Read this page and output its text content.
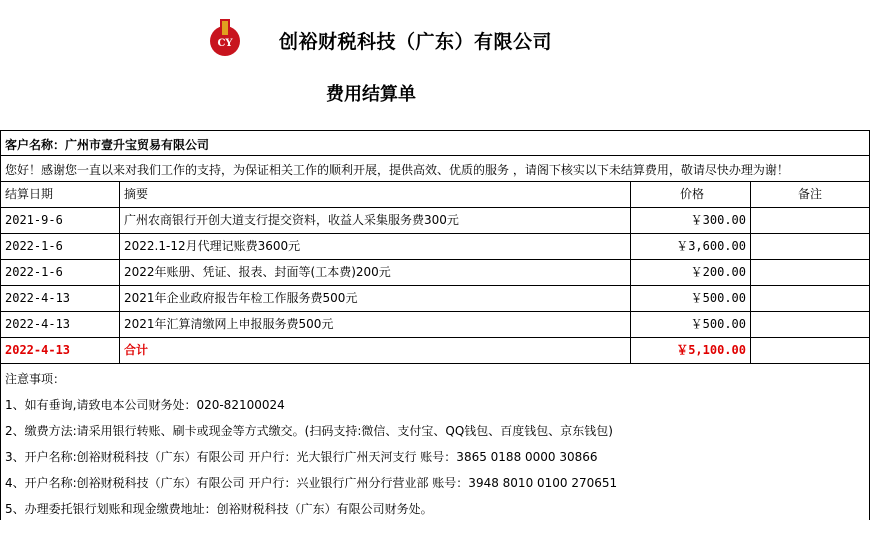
CY 创裕财税科技（广东）有限公司
费用结算单
客户名称：广州市壹升宝贸易有限公司
您好！感谢您一直以来对我们工作的支持，为保证相关工作的顺利开展，提供高效、优质的服务 ，请阁下核实以下未结算费用，敬请尽快办理为谢！
结算日期	摘要	价格	备注
2021-9-6	广州农商银行开创大道支行提交资料，收益人采集服务费300元	￥300.00
2022-1-6	2022.1-12月代理记账费3600元	￥3,600.00
2022-1-6	2022年账册、凭证、报表、封面等(工本费)200元	￥200.00
2022-4-13	2021年企业政府报告年检工作服务费500元	￥500.00
2022-4-13	2021年汇算清缴网上申报服务费500元	￥500.00
2022-4-13	合计	￥5,100.00
注意事项：
1、如有垂询,请致电本公司财务处：020-82100024
2、缴费方法:请采用银行转账、刷卡或现金等方式缴交。(扫码支持:微信、支付宝、QQ钱包、百度钱包、京东钱包)
3、开户名称:创裕财税科技（广东）有限公司 开户行：光大银行广州天河支行 账号：3865 0188 0000 30866
4、开户名称:创裕财税科技（广东）有限公司 开户行：兴业银行广州分行营业部 账号：3948 8010 0100 270651
5、办理委托银行划账和现金缴费地址：创裕财税科技（广东）有限公司财务处。
